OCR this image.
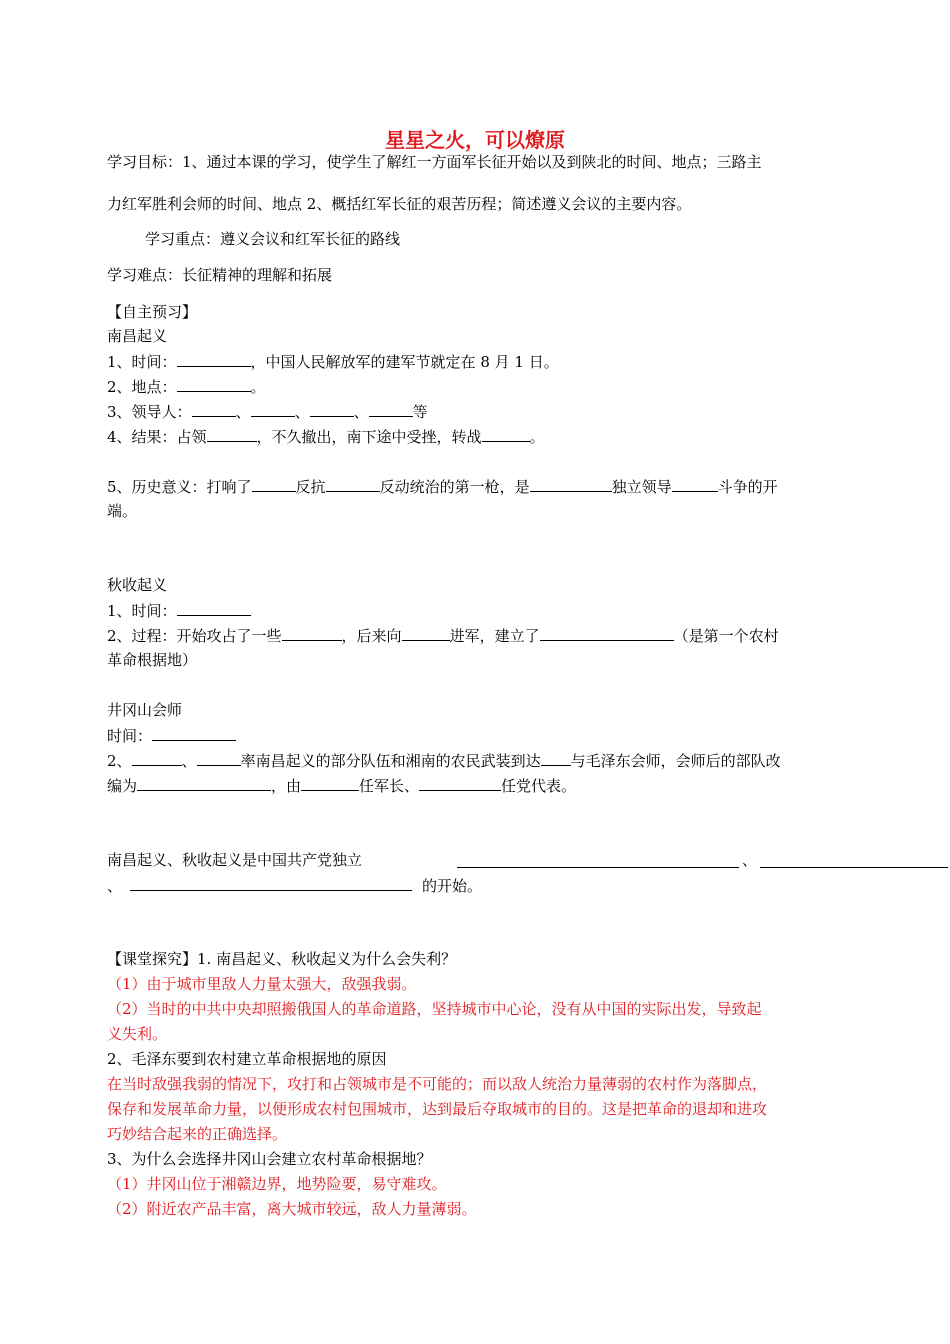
星星之火，可以燎原
学习目标：1、通过本课的学习，使学生了解红一方面军长征开始以及到陕北的时间、地点；三路主
力红军胜利会师的时间、地点 2、概括红军长征的艰苦历程；简述遵义会议的主要内容。
学习重点：遵义会议和红军长征的路线
学习难点：长征精神的理解和拓展
【自主预习】
南昌起义
1、时间：	，中国人民解放军的建军节就定在 8 月 1 日。
2、地点：	。
3、领导人：	、	、	、	等
4、结果：占领	，不久撤出，南下途中受挫，转战	。
5、历史意义：打响了	反抗	反动统治的第一枪，是	独立领导	斗争的开
端。
秋收起义
1、时间：
2、过程：开始攻占了一些	，后来向	进军，建立了	（是第一个农村
革命根据地）
井冈山会师
时间：
2、	、	率南昌起义的部分队伍和湘南的农民武装到达 与毛泽东会师，会师后的部队改
编为	，由	任军长、	任党代表。
南昌起义、秋收起义是中国共产党独立	、
、	的开始。
【课堂探究】1. 南昌起义、秋收起义为什么会失利？
（1）由于城市里敌人力量太强大，敌强我弱。
（2）当时的中共中央却照搬俄国人的革命道路，坚持城市中心论，没有从中国的实际出发，导致起
义失利。
2、毛泽东要到农村建立革命根据地的原因
在当时敌强我弱的情况下，攻打和占领城市是不可能的；而以敌人统治力量薄弱的农村作为落脚点，
保存和发展革命力量，以便形成农村包围城市，达到最后夺取城市的目的。这是把革命的退却和进攻
巧妙结合起来的正确选择。
3、为什么会选择井冈山会建立农村革命根据地？
（1）井冈山位于湘赣边界，地势险要，易守难攻。
（2）附近农产品丰富，离大城市较远，敌人力量薄弱。
